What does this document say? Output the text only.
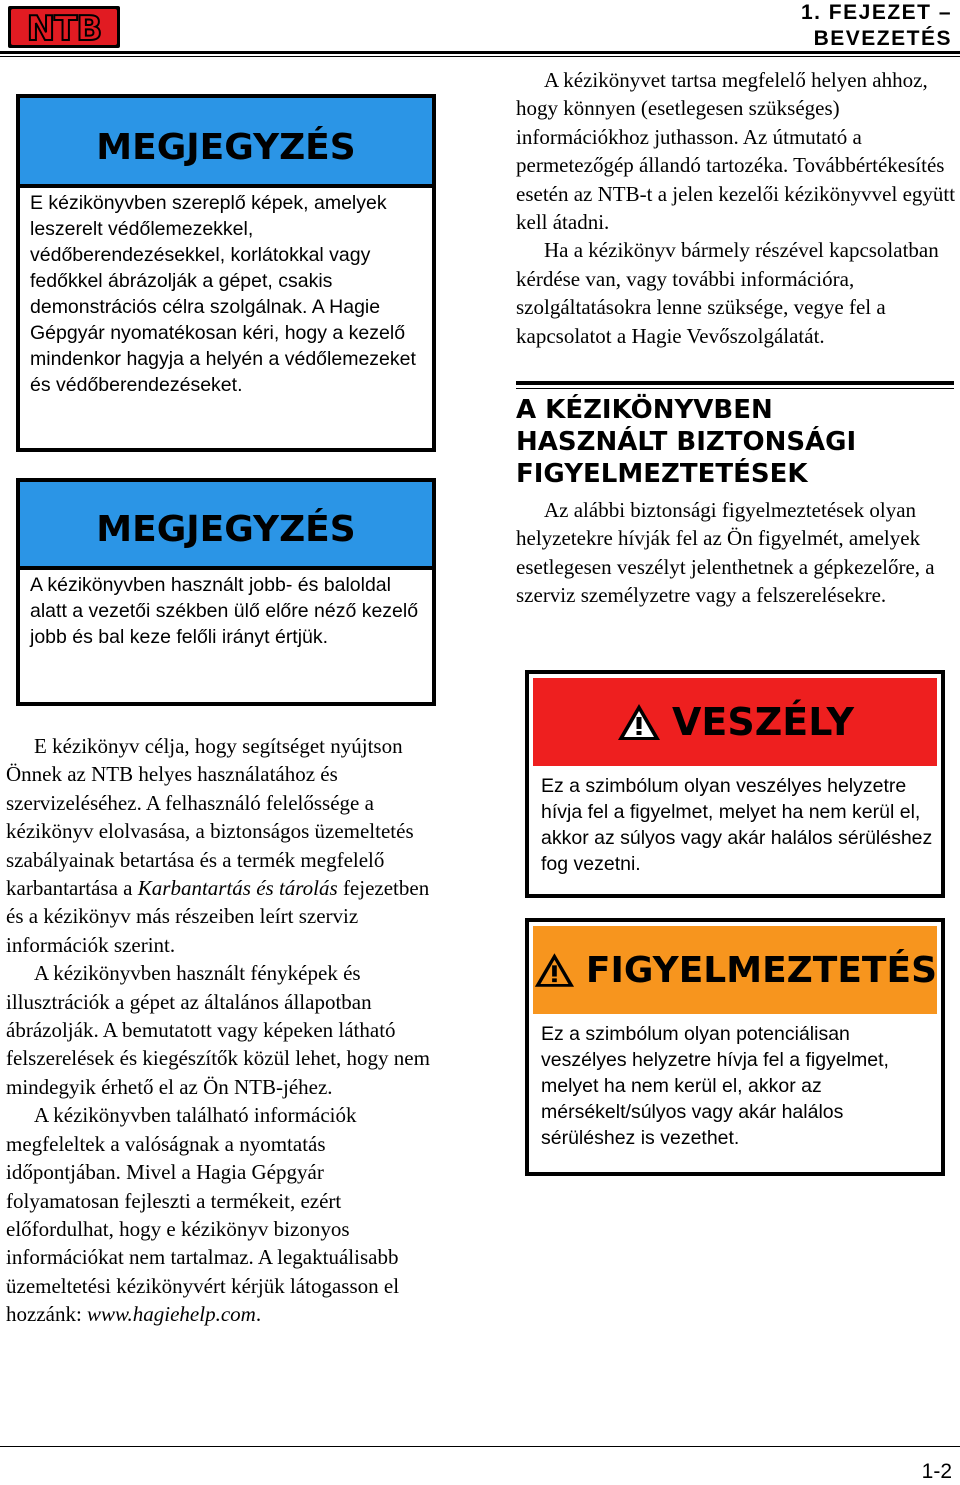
NTB	1. FEJEZET –
BEVEZETÉS
MEGJEGYZÉS
E kézikönyvben szereplő képek, amelyek leszerelt védőlemezekkel, védőberendezésekkel, korlátokkal vagy fedőkkel ábrázolják a gépet, csakis demonstrációs célra szolgálnak. A Hagie Gépgyár nyomatékosan kéri, hogy a kezelő mindenkor hagyja a helyén a védőlemezeket és védőberendezéseket.
MEGJEGYZÉS
A kézikönyvben használt jobb- és baloldal alatt a vezetői székben ülő előre néző kezelő jobb és bal keze felőli irányt értjük.

E kézikönyv célja, hogy segítséget nyújtson Önnek az NTB helyes használatához és szervizeléséhez. A felhasználó felelőssége a kézikönyv elolvasása, a biztonságos üzemeltetés szabályainak betartása és a termék megfelelő karbantartása a Karbantartás és tárolás fejezetben és a kézikönyv más részeiben leírt szerviz információk szerint.

A kézikönyvben használt fényképek és illusztrációk a gépet az általános állapotban ábrázolják. A bemutatott vagy képeken látható felszerelések és kiegészítők közül lehet, hogy nem mindegyik érhető el az Ön NTB-jéhez.

A kézikönyvben található információk megfeleltek a valóságnak a nyomtatás időpontjában. Mivel a Hagia Gépgyár folyamatosan fejleszti a termékeit, ezért előfordulhat, hogy e kézikönyv bizonyos információkat nem tartalmaz. A legaktuálisabb üzemeltetési kézikönyvért kérjük látogasson el hozzánk: www.hagiehelp.com.

A kézikönyvet tartsa megfelelő helyen ahhoz, hogy könnyen (esetlegesen szükséges) információkhoz juthasson. Az útmutató a permetezőgép állandó tartozéka. Továbbértékesítés esetén az NTB-t a jelen kezelői kézikönyvvel együtt kell átadni.

Ha a kézikönyv bármely részével kapcsolatban kérdése van, vagy további információra, szolgáltatásokra lenne szüksége, vegye fel a kapcsolatot a Hagie Vevőszolgálatát.

A KÉZIKÖNYVBEN
HASZNÁLT BIZTONSÁGI
FIGYELMEZTETÉSEK

Az alábbi biztonsági figyelmeztetések olyan helyzetekre hívják fel az Ön figyelmét, amelyek esetlegesen veszélyt jelenthetnek a gépkezelőre, a szerviz személyzetre vagy a felszerelésekre.

VESZÉLY
Ez a szimbólum olyan veszélyes helyzetre hívja fel a figyelmet, melyet ha nem kerül el, akkor az súlyos vagy akár halálos sérüléshez fog vezetni.
FIGYELMEZTETÉS
Ez a szimbólum olyan potenciálisan veszélyes helyzetre hívja fel a figyelmet, melyet ha nem kerül el, akkor az mérsékelt/súlyos vagy akár halálos sérüléshez is vezethet.
1-2
